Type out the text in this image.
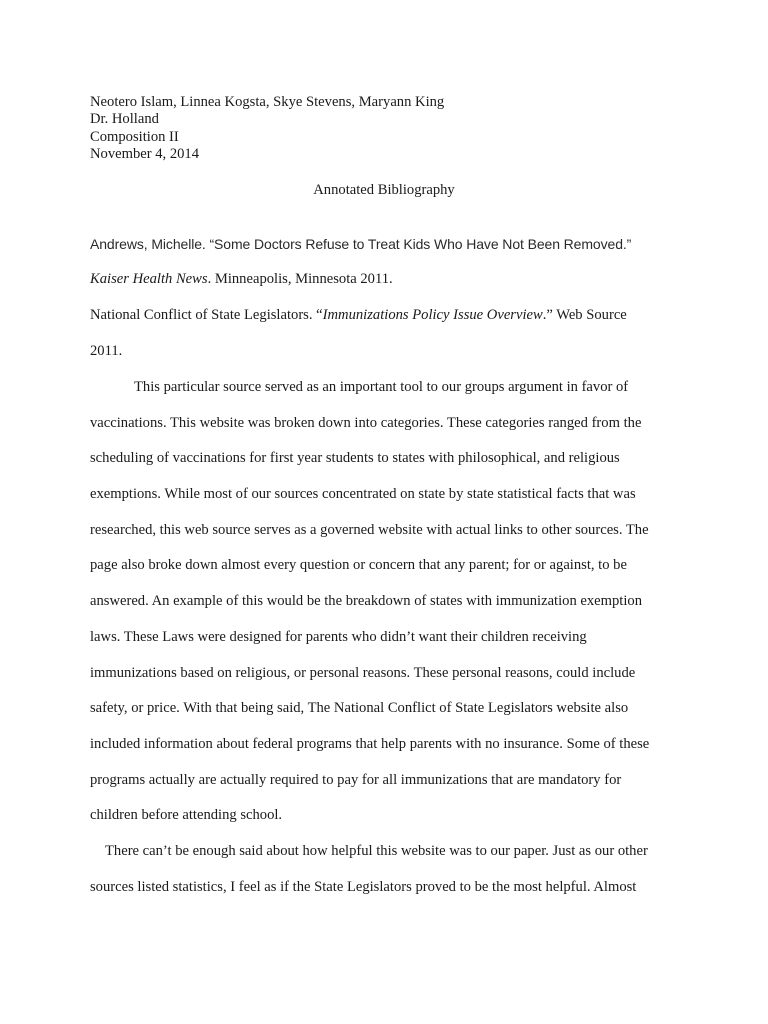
Neotero Islam, Linnea Kogsta, Skye Stevens, Maryann King

Dr. Holland

Composition II

November 4, 2014

Annotated Bibliography

Andrews, Michelle. “Some Doctors Refuse to Treat Kids Who Have Not Been Removed.”

Kaiser Health News. Minneapolis, Minnesota 2011.

National Conflict of State Legislators. “Immunizations Policy Issue Overview.” Web Source

2011.

This particular source served as an important tool to our groups argument in favor of

vaccinations. This website was broken down into categories. These categories ranged from the

scheduling of vaccinations for first year students to states with philosophical, and religious

exemptions. While most of our sources concentrated on state by state statistical facts that was

researched, this web source serves as a governed website with actual links to other sources. The

page also broke down almost every question or concern that any parent; for or against, to be

answered. An example of this would be the breakdown of states with immunization exemption

laws. These Laws were designed for parents who didn’t want their children receiving

immunizations based on religious, or personal reasons. These personal reasons, could include

safety, or price. With that being said, The National Conflict of State Legislators website also

included information about federal programs that help parents with no insurance. Some of these

programs actually are actually required to pay for all immunizations that are mandatory for

children before attending school.

There can’t be enough said about how helpful this website was to our paper. Just as our other

sources listed statistics, I feel as if the State Legislators proved to be the most helpful. Almost
